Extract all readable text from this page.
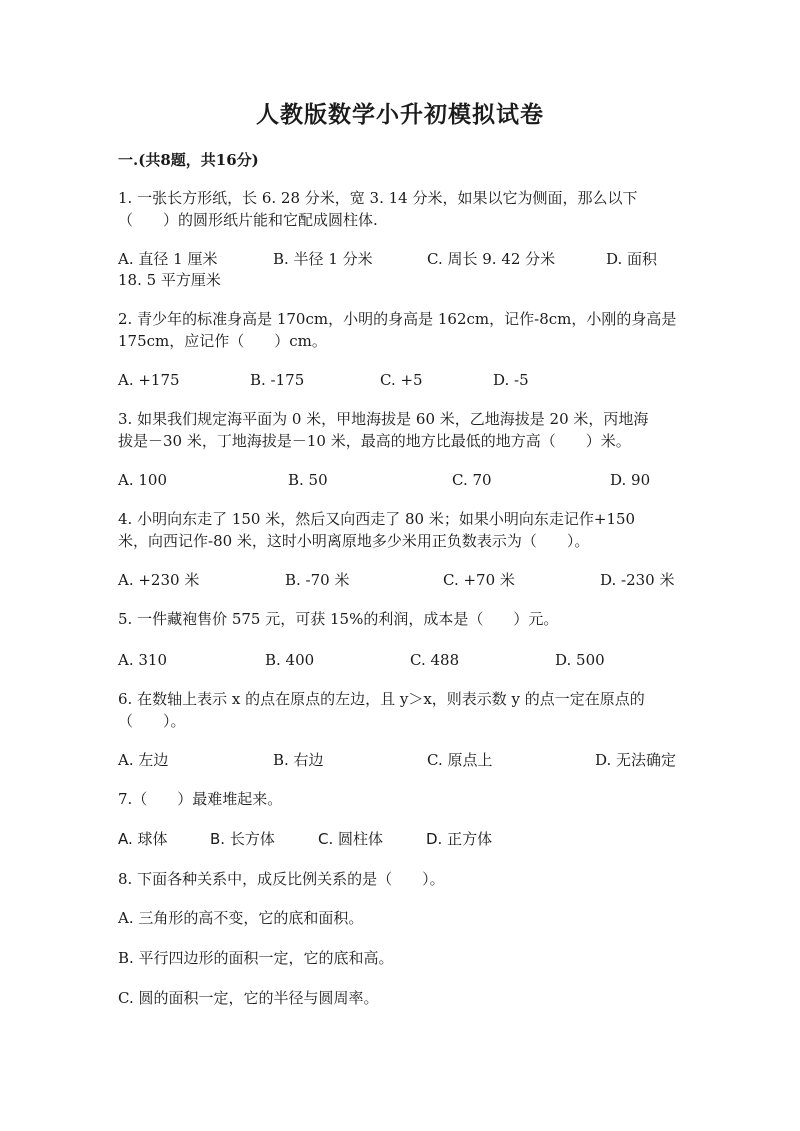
人教版数学小升初模拟试卷
一.(共8题，共16分)
1. 一张长方形纸，长 6. 28 分米，宽 3. 14 分米，如果以它为侧面，那么以下
（　　）的圆形纸片能和它配成圆柱体.
A. 直径 1 厘米	B. 半径 1 分米	C. 周长 9. 42 分米	D. 面积
18. 5 平方厘米
2. 青少年的标准身高是 170cm，小明的身高是 162cm，记作-8cm，小刚的身高是
175cm，应记作（　　）cm。
A. +175	B. -175	C. +5	D. -5
3. 如果我们规定海平面为 0 米，甲地海拔是 60 米，乙地海拔是 20 米，丙地海
拔是－30 米，丁地海拔是－10 米，最高的地方比最低的地方高（　　）米。
A. 100	B. 50	C. 70	D. 90
4. 小明向东走了 150 米，然后又向西走了 80 米；如果小明向东走记作+150
米，向西记作-80 米，这时小明离原地多少米用正负数表示为（　　）。
A. +230 米	B. -70 米	C. +70 米	D. -230 米
5. 一件藏袍售价 575 元，可获 15%的利润，成本是（　　）元。
A. 310	B. 400	C. 488	D. 500
6. 在数轴上表示 x 的点在原点的左边，且 y＞x，则表示数 y 的点一定在原点的
（　　）。
A. 左边	B. 右边	C. 原点上	D. 无法确定
7.（　　）最难堆起来。
A. 球体	B. 长方体	C. 圆柱体	D. 正方体
8. 下面各种关系中，成反比例关系的是（　　）。
A. 三角形的高不变，它的底和面积。
B. 平行四边形的面积一定，它的底和高。
C. 圆的面积一定，它的半径与圆周率。
